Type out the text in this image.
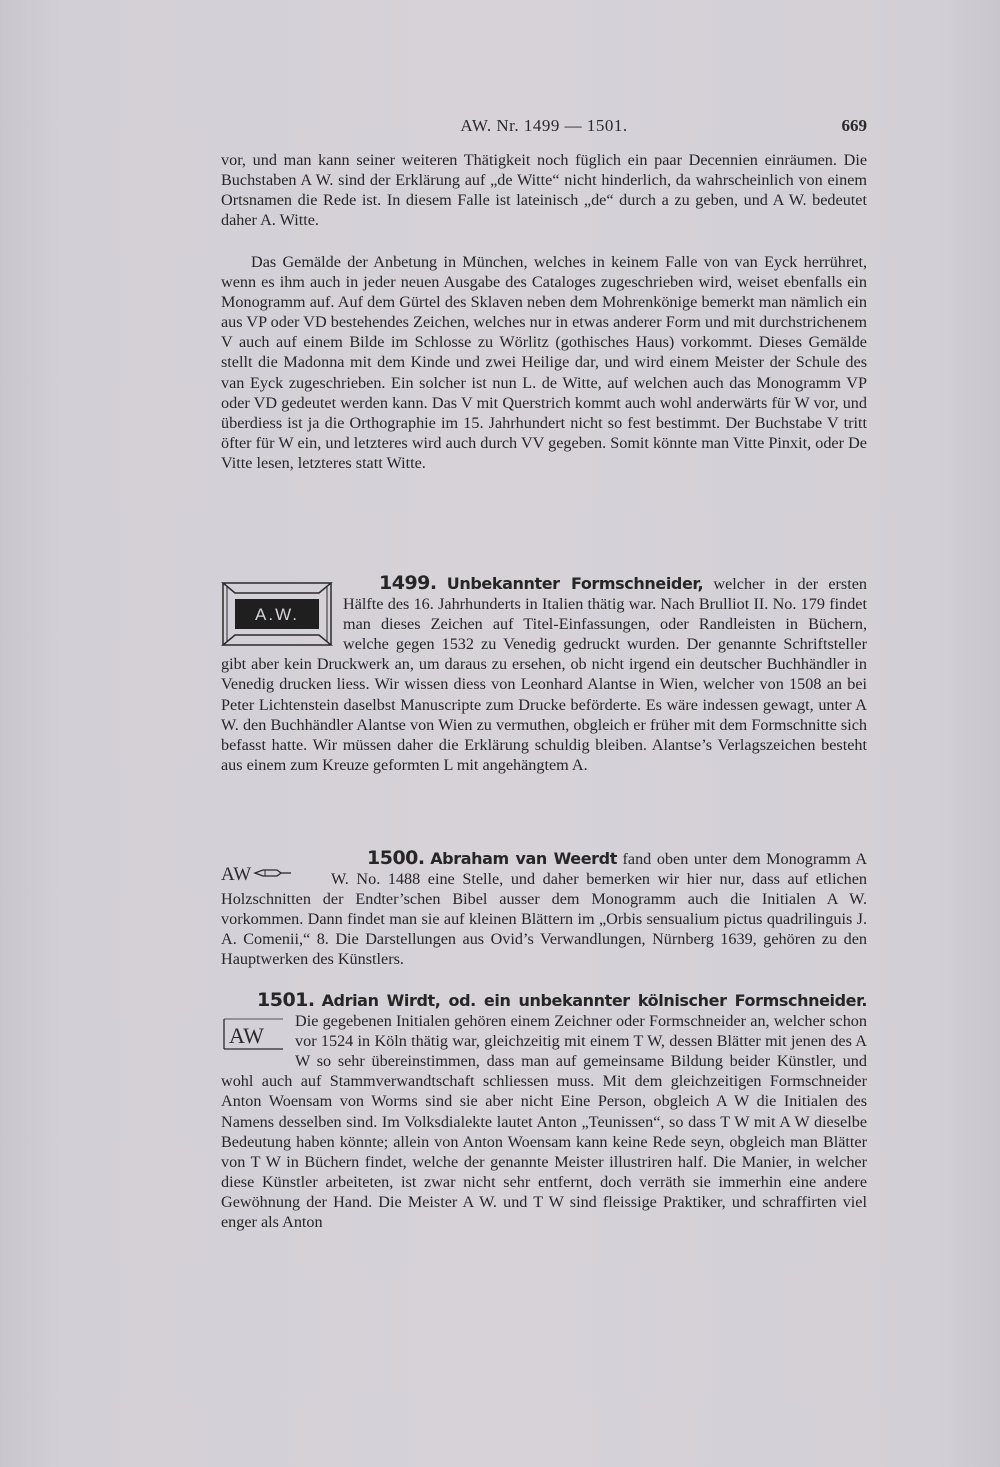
AW. Nr. 1499 — 1501.	669
vor, und man kann seiner weiteren Thätigkeit noch füglich ein paar Decennien einräumen. Die Buchstaben A W. sind der Erklärung auf „de Witte“ nicht hinderlich, da wahrscheinlich von einem Ortsnamen die Rede ist. In diesem Falle ist lateinisch „de“ durch a zu geben, und A W. bedeutet daher A. Witte.
Das Gemälde der Anbetung in München, welches in keinem Falle von van Eyck herrühret, wenn es ihm auch in jeder neuen Ausgabe des Cataloges zugeschrieben wird, weiset ebenfalls ein Monogramm auf. Auf dem Gürtel des Sklaven neben dem Mohrenkönige bemerkt man nämlich ein aus VP oder VD bestehendes Zeichen, welches nur in etwas anderer Form und mit durchstrichenem V auch auf einem Bilde im Schlosse zu Wörlitz (gothisches Haus) vorkommt. Dieses Gemälde stellt die Madonna mit dem Kinde und zwei Heilige dar, und wird einem Meister der Schule des van Eyck zugeschrieben. Ein solcher ist nun L. de Witte, auf welchen auch das Monogramm VP oder VD gedeutet werden kann. Das V mit Querstrich kommt auch wohl anderwärts für W vor, und überdiess ist ja die Orthographie im 15. Jahrhundert nicht so fest bestimmt. Der Buchstabe V tritt öfter für W ein, und letzteres wird auch durch VV gegeben. Somit könnte man Vitte Pinxit, oder De Vitte lesen, letzteres statt Witte.
1499. Unbekannter Formschneider,
A.W.
welcher in der ersten Hälfte des 16. Jahrhunderts in Italien thätig war. Nach Brulliot II. No. 179 findet man dieses Zeichen auf Titel-Einfassungen, oder Randleisten in Büchern, welche gegen 1532 zu Venedig gedruckt wurden. Der genannte Schriftsteller gibt aber kein Druckwerk an, um daraus zu ersehen, ob nicht irgend ein deutscher Buchhändler in Venedig drucken liess. Wir wissen diess von Leonhard Alantse in Wien, welcher von 1508 an bei Peter Lichtenstein daselbst Manuscripte zum Drucke beförderte. Es wäre indessen gewagt, unter A W. den Buchhändler Alantse von Wien zu vermuthen, obgleich er früher mit dem Formschnitte sich befasst hatte. Wir müssen daher die Erklärung schuldig bleiben. Alantse’s Verlagszeichen besteht aus einem zum Kreuze geformten L mit angehängtem A.
1500. Abraham van Weerdt
AW
fand oben unter dem Monogramm A W. No. 1488 eine Stelle, und daher bemerken wir hier nur, dass auf etlichen Holzschnitten der Endter’schen Bibel ausser dem Monogramm auch die Initialen A W. vorkommen. Dann findet man sie auf kleinen Blättern im „Orbis sensualium pictus quadrilinguis J. A. Comenii,“ 8. Die Darstellungen aus Ovid’s Verwandlungen, Nürnberg 1639, gehören zu den Hauptwerken des Künstlers.
1501. Adrian Wirdt, od. ein unbekannter kölnischer Formschneider.
AW
Die gegebenen Initialen gehören einem Zeichner oder Formschneider an, welcher schon vor 1524 in Köln thätig war, gleichzeitig mit einem T W, dessen Blätter mit jenen des A W so sehr übereinstimmen, dass man auf gemeinsame Bildung beider Künstler, und wohl auch auf Stammverwandtschaft schliessen muss. Mit dem gleichzeitigen Formschneider Anton Woensam von Worms sind sie aber nicht Eine Person, obgleich A W die Initialen des Namens desselben sind. Im Volksdialekte lautet Anton „Teunissen“, so dass T W mit A W dieselbe Bedeutung haben könnte; allein von Anton Woensam kann keine Rede seyn, obgleich man Blätter von T W in Büchern findet, welche der genannte Meister illustriren half. Die Manier, in welcher diese Künstler arbeiteten, ist zwar nicht sehr entfernt, doch verräth sie immerhin eine andere Gewöhnung der Hand. Die Meister A W. und T W sind fleissige Praktiker, und schraffirten viel enger als Anton
